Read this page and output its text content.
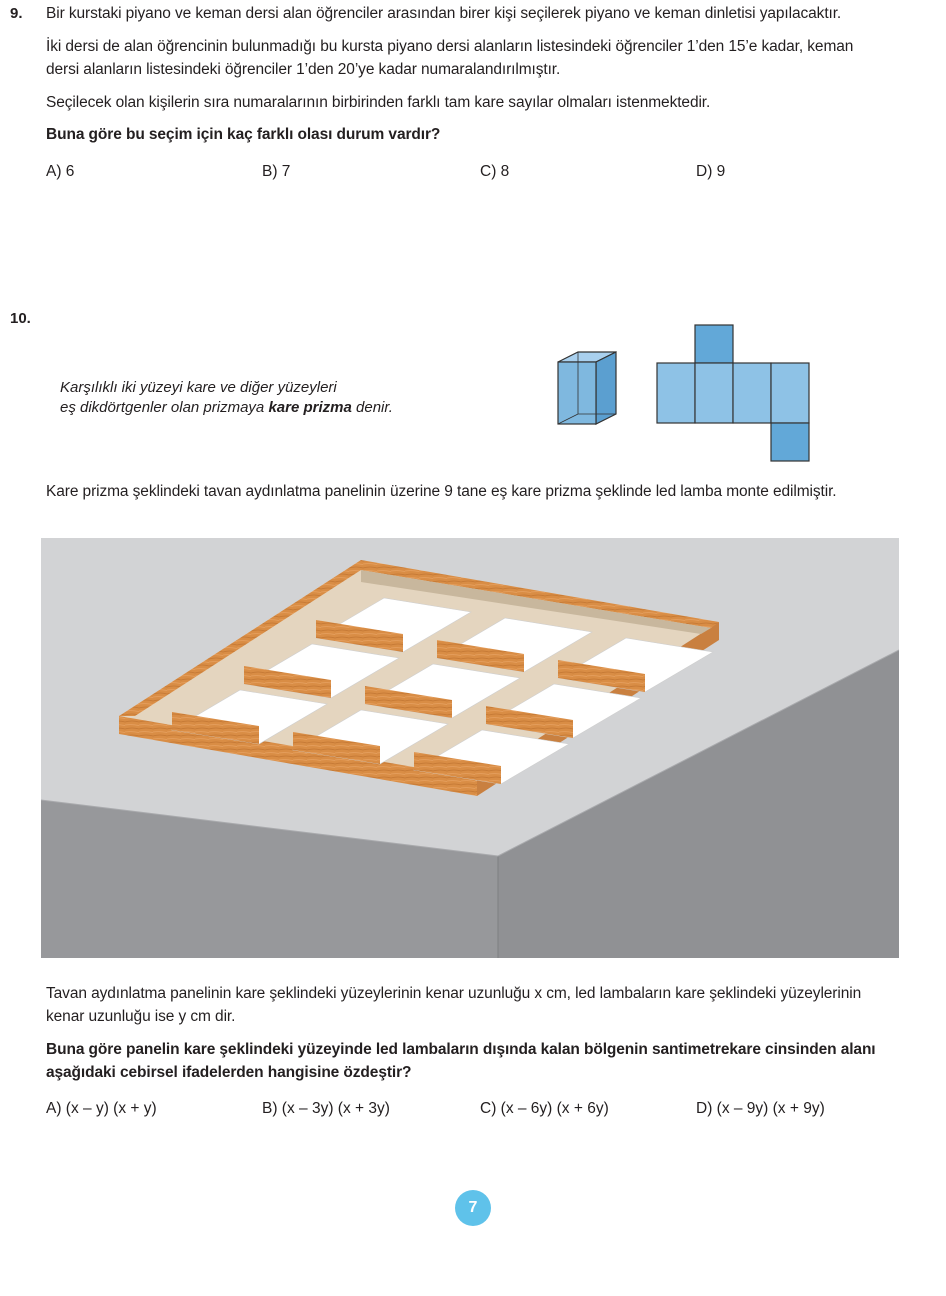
9. Bir kurstaki piyano ve keman dersi alan öğrenciler arasından birer kişi seçilerek piyano ve keman dinletisi yapılacaktır.
İki dersi de alan öğrencinin bulunmadığı bu kursta piyano dersi alanların listesindeki öğrenciler 1’den 15’e kadar, keman
dersi alanların listesindeki öğrenciler 1’den 20’ye kadar numaralandırılmıştır.
Seçilecek olan kişilerin sıra numaralarının birbirinden farklı tam kare sayılar olmaları istenmektedir.
Buna göre bu seçim için kaç farklı olası durum vardır?
A) 6	B) 7	C) 8	D) 9
10.
Karşılıklı iki yüzeyi kare ve diğer yüzeyleri
eş dikdörtgenler olan prizmaya kare prizma denir.
Kare prizma şeklindeki tavan aydınlatma panelinin üzerine 9 tane eş kare prizma şeklinde led lamba monte edilmiştir.
Tavan aydınlatma panelinin kare şeklindeki yüzeylerinin kenar uzunluğu x cm, led lambaların kare şeklindeki yüzeylerinin
kenar uzunluğu ise y cm dir.
Buna göre panelin kare şeklindeki yüzeyinde led lambaların dışında kalan bölgenin santimetrekare cinsinden alanı
aşağıdaki cebirsel ifadelerden hangisine özdeştir?
A) (x – y) (x + y)	B) (x – 3y) (x + 3y)	C) (x – 6y) (x + 6y)	D) (x – 9y) (x + 9y)
7
